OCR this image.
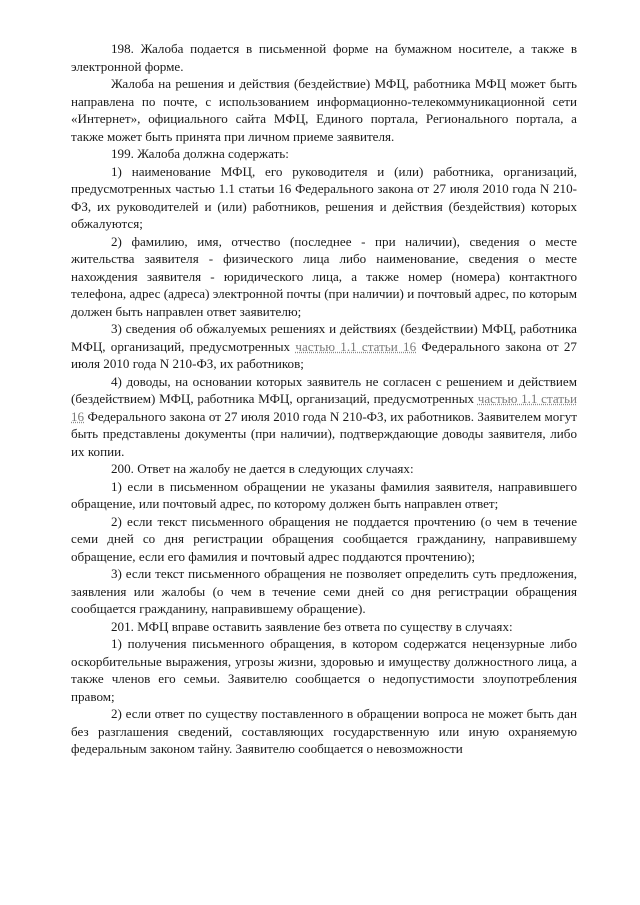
198. Жалоба подается в письменной форме на бумажном носителе, а также в электронной форме.

Жалоба на решения и действия (бездействие) МФЦ, работника МФЦ может быть направлена по почте, с использованием информационно-телекоммуникационной сети «Интернет», официального сайта МФЦ, Единого портала, Регионального портала, а также может быть принята при личном приеме заявителя.

199. Жалоба должна содержать:

1) наименование МФЦ, его руководителя и (или) работника, организаций, предусмотренных частью 1.1 статьи 16 Федерального закона от 27 июля 2010 года N 210-ФЗ, их руководителей и (или) работников, решения и действия (бездействия) которых обжалуются;

2) фамилию, имя, отчество (последнее - при наличии), сведения о месте жительства заявителя - физического лица либо наименование, сведения о месте нахождения заявителя - юридического лица, а также номер (номера) контактного телефона, адрес (адреса) электронной почты (при наличии) и почтовый адрес, по которым должен быть направлен ответ заявителю;

3) сведения об обжалуемых решениях и действиях (бездействии) МФЦ, работника МФЦ, организаций, предусмотренных частью 1.1 статьи 16 Федерального закона от 27 июля 2010 года N 210-ФЗ, их работников;

4) доводы, на основании которых заявитель не согласен с решением и действием (бездействием) МФЦ, работника МФЦ, организаций, предусмотренных частью 1.1 статьи 16 Федерального закона от 27 июля 2010 года N 210-ФЗ, их работников. Заявителем могут быть представлены документы (при наличии), подтверждающие доводы заявителя, либо их копии.

200. Ответ на жалобу не дается в следующих случаях:

1) если в письменном обращении не указаны фамилия заявителя, направившего обращение, или почтовый адрес, по которому должен быть направлен ответ;

2) если текст письменного обращения не поддается прочтению (о чем в течение семи дней со дня регистрации обращения сообщается гражданину, направившему обращение, если его фамилия и почтовый адрес поддаются прочтению);

3) если текст письменного обращения не позволяет определить суть предложения, заявления или жалобы (о чем в течение семи дней со дня регистрации обращения сообщается гражданину, направившему обращение).

201. МФЦ вправе оставить заявление без ответа по существу в случаях:

1) получения письменного обращения, в котором содержатся нецензурные либо оскорбительные выражения, угрозы жизни, здоровью и имуществу должностного лица, а также членов его семьи. Заявителю сообщается о недопустимости злоупотребления правом;

2) если ответ по существу поставленного в обращении вопроса не может быть дан без разглашения сведений, составляющих государственную или иную охраняемую федеральным законом тайну. Заявителю сообщается о невозможности
